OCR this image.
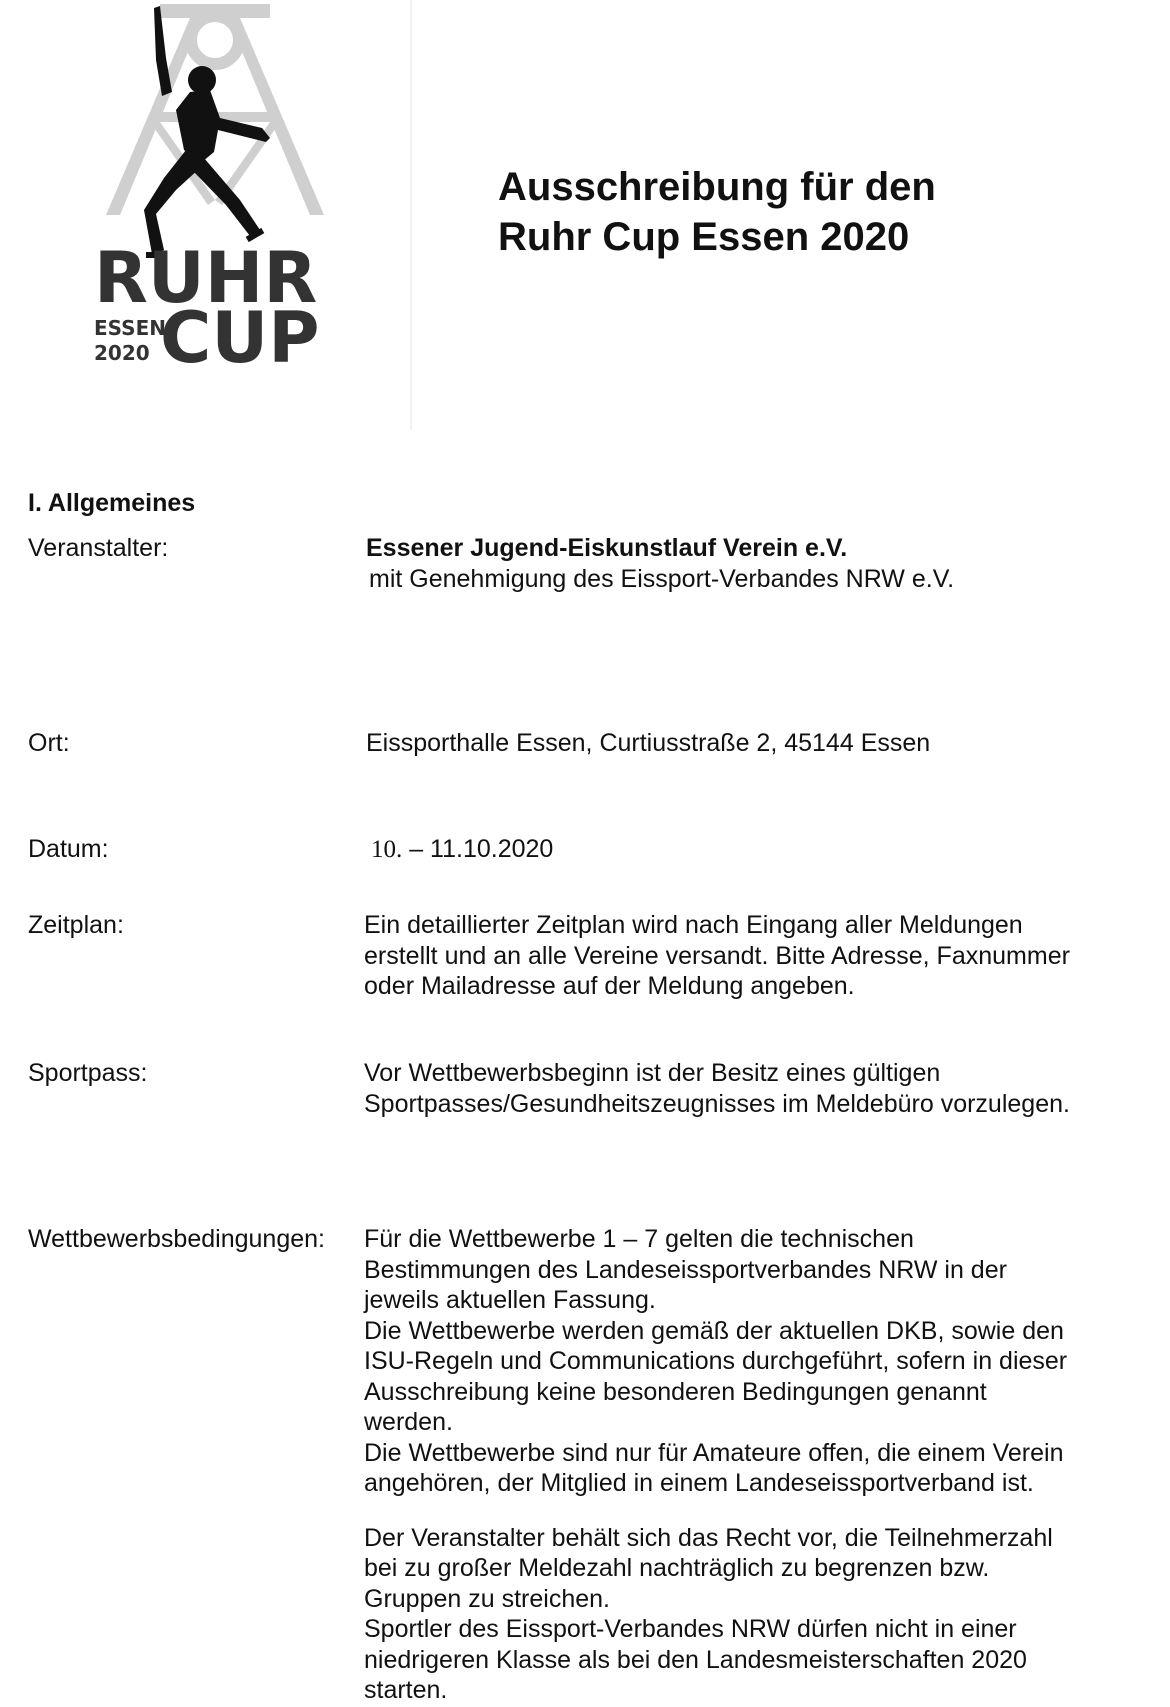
RUHR
ESSEN
2020 CUP
Ausschreibung für den
Ruhr Cup Essen 2020
I. Allgemeines
Veranstalter:	Essener Jugend-Eiskunstlauf Verein e.V.
mit Genehmigung des Eissport-Verbandes NRW e.V.
Ort:	Eissporthalle Essen, Curtiusstraße 2, 45144 Essen
Datum:	10. – 11.10.2020
Zeitplan:	Ein detaillierter Zeitplan wird nach Eingang aller Meldungen
erstellt und an alle Vereine versandt. Bitte Adresse, Faxnummer
oder Mailadresse auf der Meldung angeben.
Sportpass:	Vor Wettbewerbsbeginn ist der Besitz eines gültigen
Sportpasses/Gesundheitszeugnisses im Meldebüro vorzulegen.
Wettbewerbsbedingungen: Für die Wettbewerbe 1 – 7 gelten die technischen
Bestimmungen des Landeseissportverbandes NRW in der
jeweils aktuellen Fassung.
Die Wettbewerbe werden gemäß der aktuellen DKB, sowie den
ISU-Regeln und Communications durchgeführt, sofern in dieser
Ausschreibung keine besonderen Bedingungen genannt
werden.
Die Wettbewerbe sind nur für Amateure offen, die einem Verein
angehören, der Mitglied in einem Landeseissportverband ist.
Der Veranstalter behält sich das Recht vor, die Teilnehmerzahl
bei zu großer Meldezahl nachträglich zu begrenzen bzw.
Gruppen zu streichen.
Sportler des Eissport-Verbandes NRW dürfen nicht in einer
niedrigeren Klasse als bei den Landesmeisterschaften 2020
starten.
